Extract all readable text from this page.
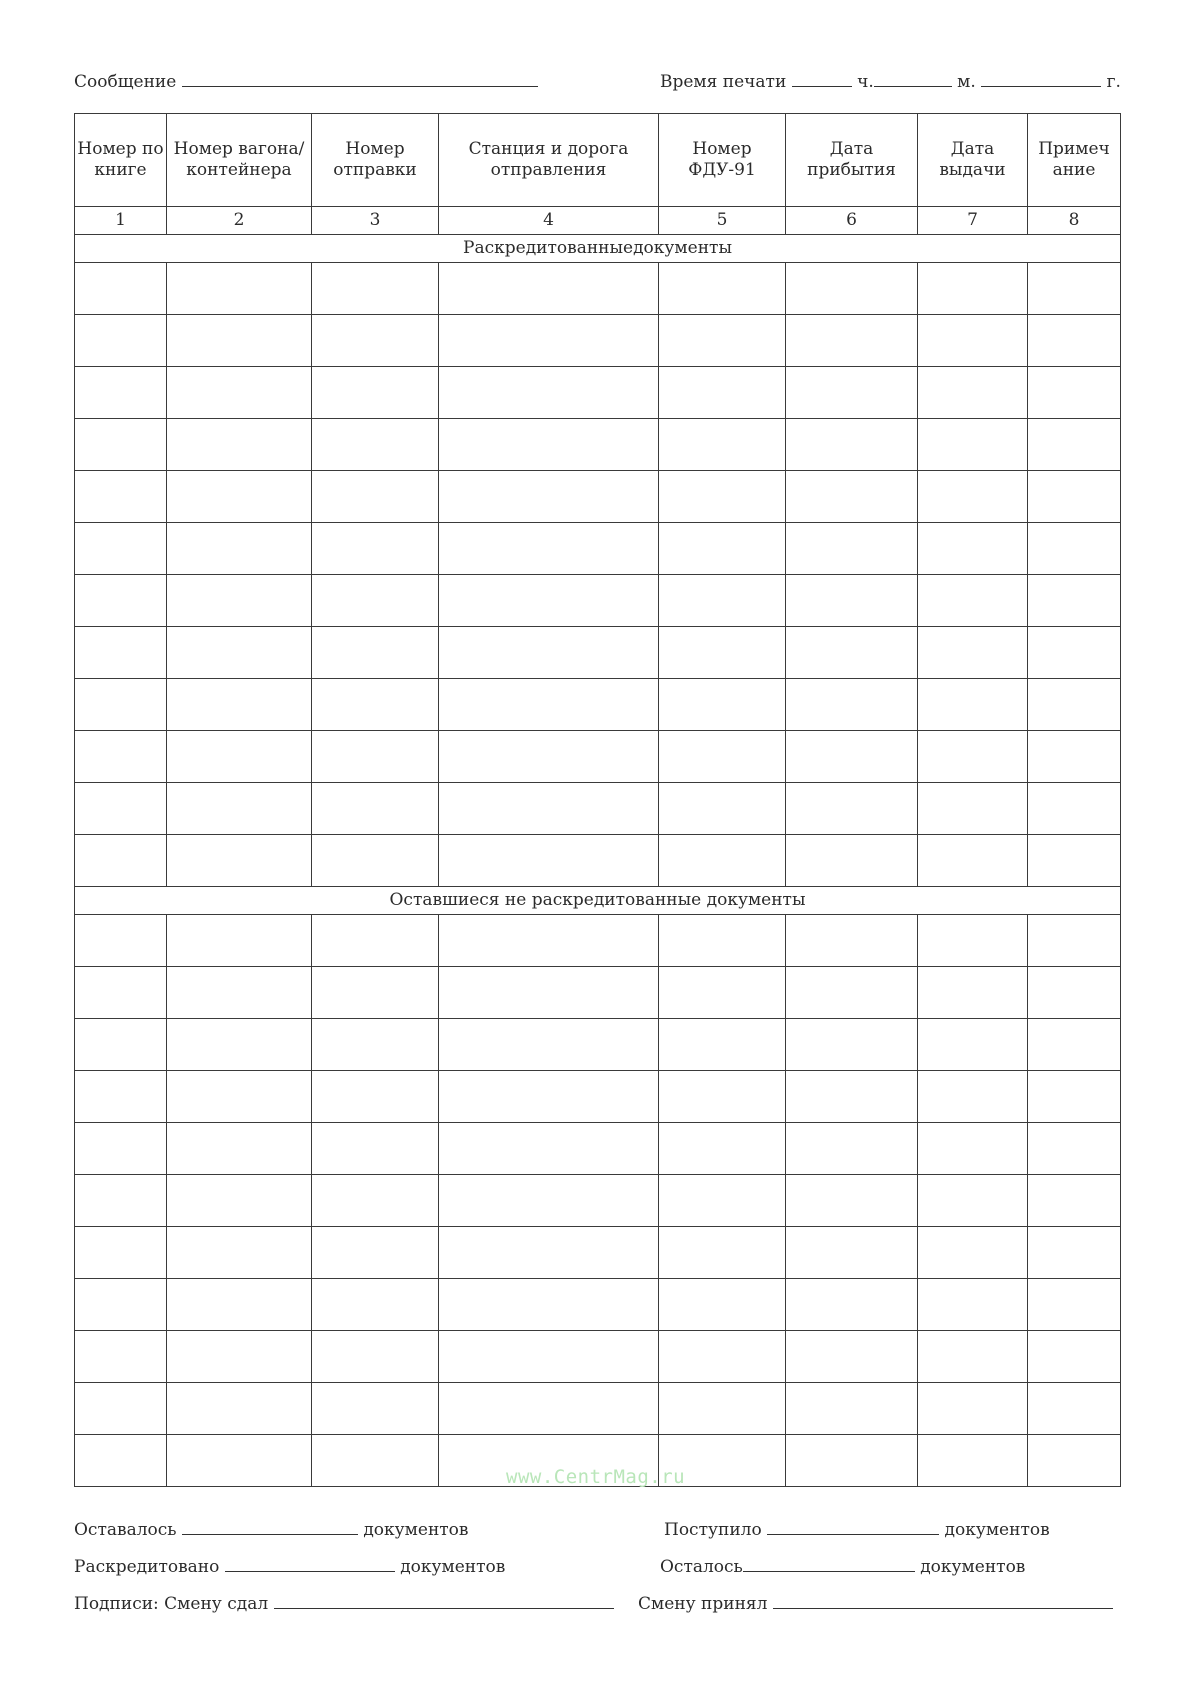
Сообщение	Время печати	ч.	м.	г.
Номер по книге	Номер вагона/ контейнера	Номер отправки	Станция и дорога отправления	Номер ФДУ-91	Дата прибытия	Дата выдачи	Примеч ание
1	2	3	4	5	6	7	8
Раскредитованныедокументы							

Оставшиеся не раскредитованные документы							

www.CentrMag.ru
Оставалось	документов	Поступило	документов
Раскредитовано	документов	Осталось	документов
Подписи: Смену сдал	Смену принял
